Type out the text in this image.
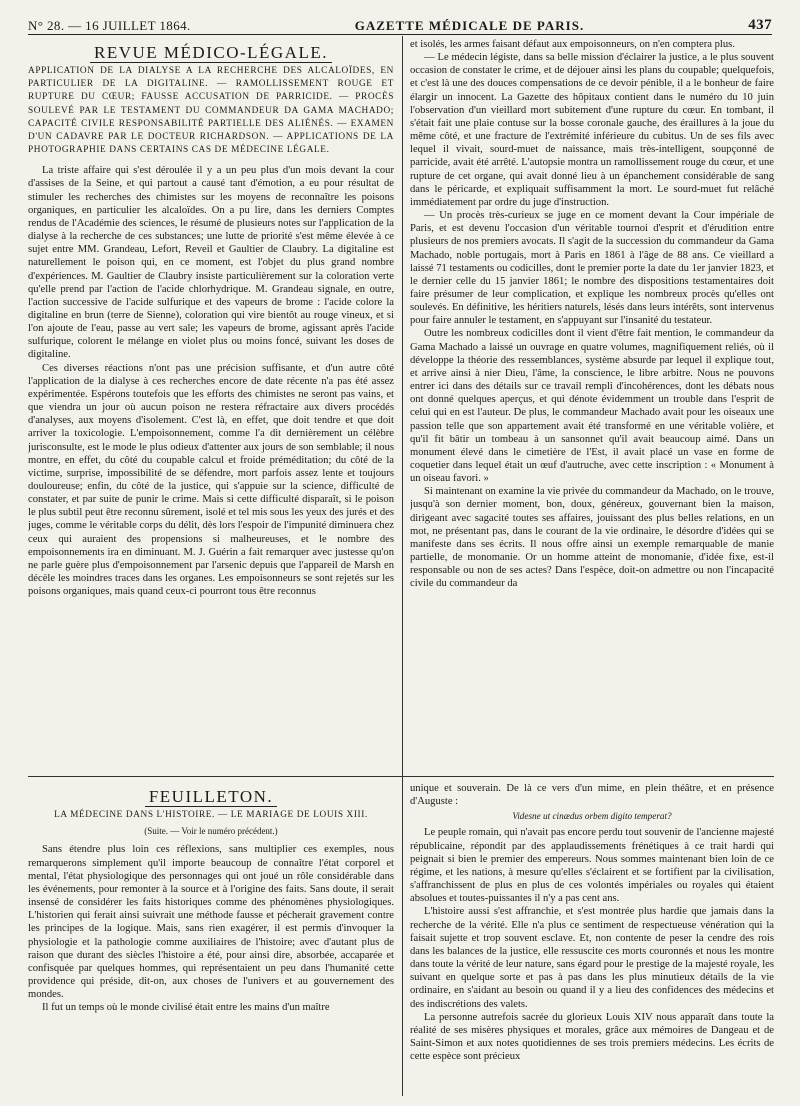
N° 28. — 16 JUILLET 1864.	GAZETTE MÉDICALE DE PARIS.	437
REVUE MÉDICO-LÉGALE.

APPLICATION DE LA DIALYSE A LA RECHERCHE DES ALCALOÏDES, EN PARTICULIER DE LA DIGITALINE. — RAMOLLISSEMENT ROUGE ET RUPTURE DU CŒUR; FAUSSE ACCUSATION DE PARRICIDE. — PROCÈS SOULEVÉ PAR LE TESTAMENT DU COMMANDEUR DA GAMA MACHADO; CAPACITÉ CIVILE RESPONSABILITÉ PARTIELLE DES ALIÉNÉS. — EXAMEN D'UN CADAVRE PAR LE DOCTEUR RICHARDSON. — APPLICATIONS DE LA PHOTOGRAPHIE DANS CERTAINS CAS DE MÉDECINE LÉGALE.

La triste affaire qui s'est déroulée il y a un peu plus d'un mois devant la cour d'assises de la Seine, et qui partout a causé tant d'émotion, a eu pour résultat de stimuler les recherches des chimistes sur les moyens de reconnaître les poisons organiques, en particulier les alcaloïdes. On a pu lire, dans les derniers Comptes rendus de l'Académie des sciences, le résumé de plusieurs notes sur l'application de la dialyse à la recherche de ces substances; une lutte de priorité s'est même élevée à ce sujet entre MM. Grandeau, Lefort, Reveil et Gaultier de Claubry. La digitaline est naturellement le poison qui, en ce moment, est l'objet du plus grand nombre d'expériences. M. Gaultier de Claubry insiste particulièrement sur la coloration verte qu'elle prend par l'action de l'acide chlorhydrique. M. Grandeau signale, en outre, l'action successive de l'acide sulfurique et des vapeurs de brome : l'acide colore la digitaline en brun (terre de Sienne), coloration qui vire bientôt au rouge vineux, et si l'on ajoute de l'eau, passe au vert sale; les vapeurs de brome, agissant après l'acide sulfurique, colorent le mélange en violet plus ou moins foncé, suivant les doses de digitaline.

Ces diverses réactions n'ont pas une précision suffisante, et d'un autre côté l'application de la dialyse à ces recherches encore de date récente n'a pas été assez expérimentée. Espérons toutefois que les efforts des chimistes ne seront pas vains, et que viendra un jour où aucun poison ne restera réfractaire aux divers procédés d'analyses, aux moyens d'isolement. C'est là, en effet, que doit tendre et que doit arriver la toxicologie. L'empoisonnement, comme l'a dit dernièrement un célèbre jurisconsulte, est le mode le plus odieux d'attenter aux jours de son semblable; il nous montre, en effet, du côté du coupable calcul et froide préméditation; du côté de la victime, surprise, impossibilité de se défendre, mort parfois assez lente et toujours douloureuse; enfin, du côté de la justice, qui s'appuie sur la science, difficulté de constater, et par suite de punir le crime. Mais si cette difficulté disparaît, si le poison le plus subtil peut être reconnu sûrement, isolé et tel mis sous les yeux des jurés et des juges, comme le véritable corps du délit, dès lors l'espoir de l'impunité diminuera chez ceux qui auraient des propensions si malheureuses, et le nombre des empoisonnements ira en diminuant. M. J. Guérin a fait remarquer avec justesse qu'on ne parle guère plus d'empoisonnement par l'arsenic depuis que l'appareil de Marsh en décèle les moindres traces dans les organes. Les empoisonneurs se sont rejetés sur les poisons organiques, mais quand ceux-ci pourront tous être reconnus

et isolés, les armes faisant défaut aux empoisonneurs, on n'en comptera plus.

— Le médecin légiste, dans sa belle mission d'éclairer la justice, a le plus souvent occasion de constater le crime, et de déjouer ainsi les plans du coupable; quelquefois, et c'est là une des douces compensations de ce devoir pénible, il a le bonheur de faire élargir un innocent. La Gazette des hôpitaux contient dans le numéro du 10 juin l'observation d'un vieillard mort subitement d'une rupture du cœur. En tombant, il s'était fait une plaie contuse sur la bosse coronale gauche, des éraillures à la joue du même côté, et une fracture de l'extrémité inférieure du cubitus. Un de ses fils avec lequel il vivait, sourd-muet de naissance, mais très-intelligent, soupçonné de parricide, avait été arrêté. L'autopsie montra un ramollissement rouge du cœur, et une rupture de cet organe, qui avait donné lieu à un épanchement considérable de sang dans le péricarde, et expliquait suffisamment la mort. Le sourd-muet fut relâché immédiatement par ordre du juge d'instruction.

— Un procès très-curieux se juge en ce moment devant la Cour impériale de Paris, et est devenu l'occasion d'un véritable tournoi d'esprit et d'érudition entre plusieurs de nos premiers avocats. Il s'agit de la succession du commandeur da Gama Machado, noble portugais, mort à Paris en 1861 à l'âge de 88 ans. Ce vieillard a laissé 71 testaments ou codicilles, dont le premier porte la date du 1er janvier 1823, et le dernier celle du 15 janvier 1861; le nombre des dispositions testamentaires doit faire présumer de leur complication, et explique les nombreux procès qu'elles ont soulevés. En définitive, les héritiers naturels, lésés dans leurs intérêts, sont intervenus pour faire annuler le testament, en s'appuyant sur l'insanité du testateur.

Outre les nombreux codicilles dont il vient d'être fait mention, le commandeur da Gama Machado a laissé un ouvrage en quatre volumes, magnifiquement reliés, où il développe la théorie des ressemblances, système absurde par lequel il explique tout, et arrive ainsi à nier Dieu, l'âme, la conscience, le libre arbitre. Nous ne pouvons entrer ici dans des détails sur ce travail rempli d'incohérences, dont les débats nous ont donné quelques aperçus, et qui dénote évidemment un trouble dans l'esprit de celui qui en est l'auteur. De plus, le commandeur Machado avait pour les oiseaux une passion telle que son appartement avait été transformé en une véritable volière, et qu'il fit bâtir un tombeau à un sansonnet qu'il avait beaucoup aimé. Dans un monument élevé dans le cimetière de l'Est, il avait placé un vase en forme de coquetier dans lequel était un œuf d'autruche, avec cette inscription : « Monument à un oiseau favori. »

Si maintenant on examine la vie privée du commandeur da Machado, on le trouve, jusqu'à son dernier moment, bon, doux, généreux, gouvernant bien la maison, dirigeant avec sagacité toutes ses affaires, jouissant des plus belles relations, en un mot, ne présentant pas, dans le courant de la vie ordinaire, le désordre d'idées qui se manifeste dans ses écrits. Il nous offre ainsi un exemple remarquable de manie partielle, de monomanie. Or un homme atteint de monomanie, d'idée fixe, est-il responsable ou non de ses actes? Dans l'espèce, doit-on admettre ou non l'incapacité civile du commandeur da

FEUILLETON.

LA MÉDECINE DANS L'HISTOIRE. — LE MARIAGE DE LOUIS XIII.

(Suite. — Voir le numéro précédent.)

Sans étendre plus loin ces réflexions, sans multiplier ces exemples, nous remarquerons simplement qu'il importe beaucoup de connaître l'état corporel et mental, l'état physiologique des personnages qui ont joué un rôle considérable dans les événements, pour remonter à la source et à l'origine des faits. Sans doute, il serait insensé de considérer les faits historiques comme des phénomènes physiologiques. L'historien qui ferait ainsi suivrait une méthode fausse et pécherait gravement contre les principes de la logique. Mais, sans rien exagérer, il est permis d'invoquer la physiologie et la pathologie comme auxiliaires de l'histoire; avec d'autant plus de raison que durant des siècles l'histoire a été, pour ainsi dire, absorbée, accaparée et confisquée par quelques hommes, qui représentaient un peu dans l'humanité cette providence qui préside, dit-on, aux choses de l'univers et au gouvernement des mondes.

Il fut un temps où le monde civilisé était entre les mains d'un maître

unique et souverain. De là ce vers d'un mime, en plein théâtre, et en présence d'Auguste :

Videsne ut cinædus orbem digito temperat?

Le peuple romain, qui n'avait pas encore perdu tout souvenir de l'ancienne majesté républicaine, répondit par des applaudissements frénétiques à ce trait hardi qui peignait si bien le premier des empereurs. Nous sommes maintenant bien loin de ce régime, et les nations, à mesure qu'elles s'éclairent et se fortifient par la civilisation, s'affranchissent de plus en plus de ces volontés impériales ou royales qui étaient absolues et toutes-puissantes il n'y a pas cent ans.

L'histoire aussi s'est affranchie, et s'est montrée plus hardie que jamais dans la recherche de la vérité. Elle n'a plus ce sentiment de respectueuse vénération qui la faisait sujette et trop souvent esclave. Et, non contente de peser la cendre des rois dans les balances de la justice, elle ressuscite ces morts couronnés et nous les montre dans toute la vérité de leur nature, sans égard pour le prestige de la majesté royale, les suivant en quelque sorte et pas à pas dans les plus minutieux détails de la vie ordinaire, en s'aidant au besoin ou quand il y a lieu des confidences des médecins et des indiscrétions des valets.

La personne autrefois sacrée du glorieux Louis XIV nous apparaît dans toute la réalité de ses misères physiques et morales, grâce aux mémoires de Dangeau et de Saint-Simon et aux notes quotidiennes de ses trois premiers médecins. Les écrits de cette espèce sont précieux
